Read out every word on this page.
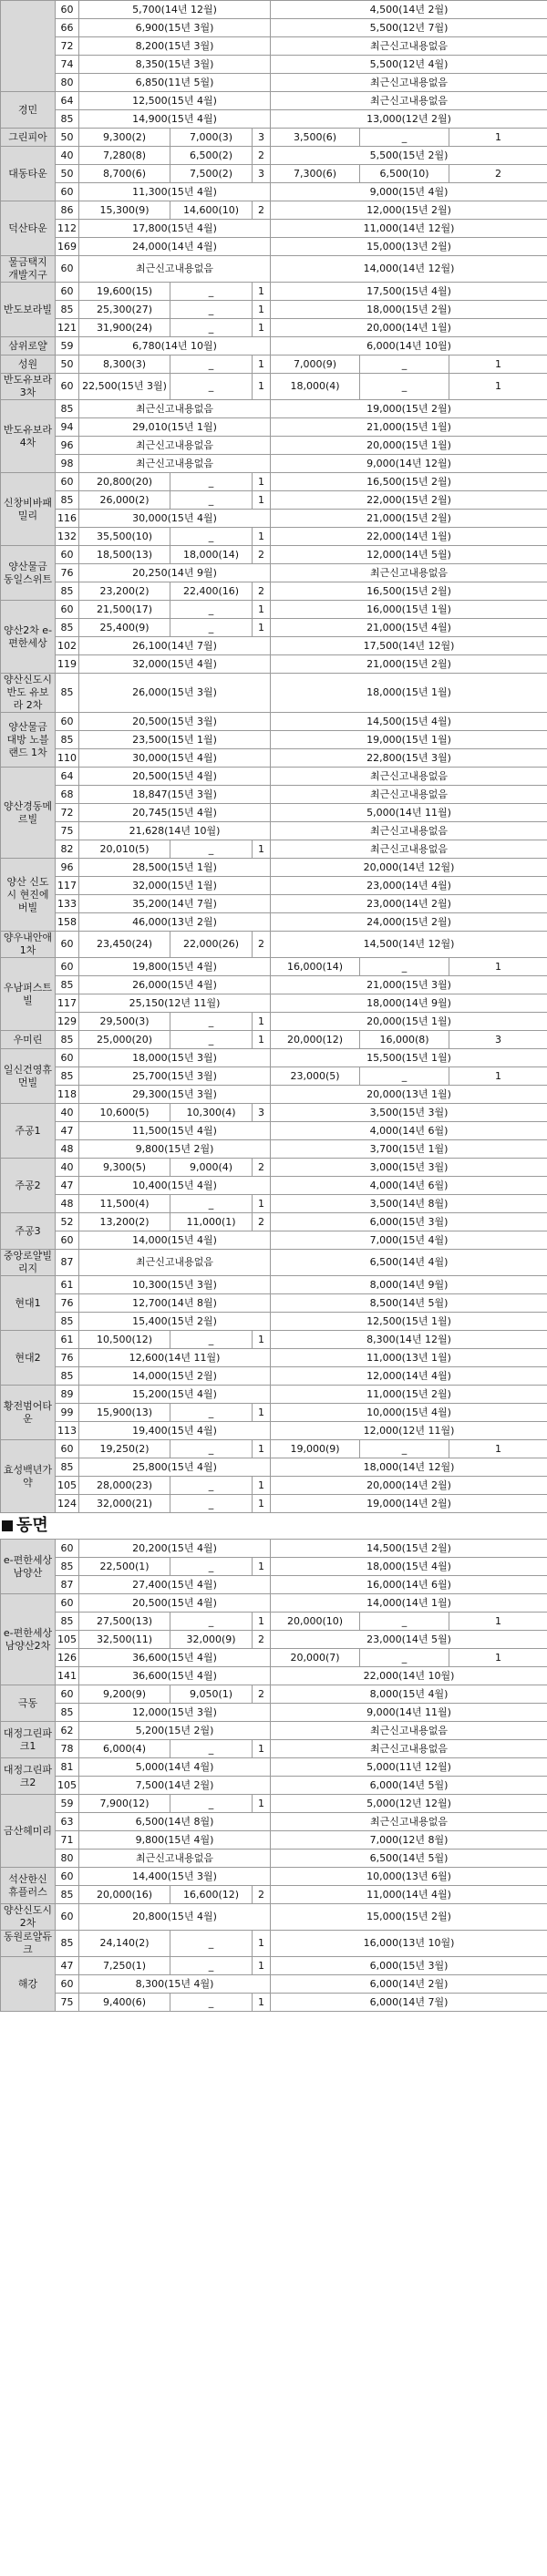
	60	5,700(14년 12월)			4,500(14년 2월)		
	66	6,900(15년 3월)			5,500(12년 7월)		
	72	8,200(15년 3월)			최근신고내용없음		
	74	8,350(15년 3월)			5,500(12년 4월)		
	80	6,850(11년 5월)			최근신고내용없음		
경민	64	12,500(15년 4월)			최근신고내용없음		
	85	14,900(15년 4월)			13,000(12년 2월)		
그린피아	50	9,300(2)	7,000(3)	3	3,500(6)	_	1
대동타운	40	7,280(8)	6,500(2)	2	5,500(15년 2월)		
	50	8,700(6)	7,500(2)	3	7,300(6)	6,500(10)	2
	60	11,300(15년 4월)			9,000(15년 4월)		
덕산타운	86	15,300(9)	14,600(10)	2	12,000(15년 2월)		
	112	17,800(15년 4월)			11,000(14년 12월)		
	169	24,000(14년 4월)			15,000(13년 2월)		
물금택지 개발지구	60	최근신고내용없음			14,000(14년 12월)		
반도보라빌	60	19,600(15)	_	1	17,500(15년 4월)		
	85	25,300(27)	_	1	18,000(15년 2월)		
	121	31,900(24)	_	1	20,000(14년 1월)		
삼위로얄	59	6,780(14년 10월)			6,000(14년 10월)		
성원	50	8,300(3)	_	1	7,000(9)	_	1
반도유보라3차	60	22,500(15년 3월)	_	1	18,000(4)	_	1
반도유보라4차	85	최근신고내용없음			19,000(15년 2월)		
	94	29,010(15년 1월)			21,000(15년 1월)		
	96	최근신고내용없음			20,000(15년 1월)		
	98	최근신고내용없음			9,000(14년 12월)		
신창비바패밀리	60	20,800(20)	_	1	16,500(15년 2월)		
	85	26,000(2)	_	1	22,000(15년 2월)		
	116	30,000(15년 4월)			21,000(15년 2월)		
	132	35,500(10)	_	1	22,000(14년 1월)		
양산물금 동일스위트	60	18,500(13)	18,000(14)	2	12,000(14년 5월)		
	76	20,250(14년 9월)			최근신고내용없음		
	85	23,200(2)	22,400(16)	2	16,500(15년 2월)		
양산2차 e-편한세상	60	21,500(17)	_	1	16,000(15년 1월)		
	85	25,400(9)	_	1	21,000(15년 4월)		
	102	26,100(14년 7월)			17,500(14년 12월)		
	119	32,000(15년 4월)			21,000(15년 2월)		
양산신도시 반도 유보라 2차	85	26,000(15년 3월)			18,000(15년 1월)		
양산물금 대방 노블랜드 1차	60	20,500(15년 3월)			14,500(15년 4월)		
	85	23,500(15년 1월)			19,000(15년 1월)		
	110	30,000(15년 4월)			22,800(15년 3월)		
양산경동메르빌	64	20,500(15년 4월)			최근신고내용없음		
	68	18,847(15년 3월)			최근신고내용없음		
	72	20,745(15년 4월)			5,000(14년 11월)		
	75	21,628(14년 10월)			최근신고내용없음		
	82	20,010(5)	_	1	최근신고내용없음		
양산 신도시 현진에버빌	96	28,500(15년 1월)			20,000(14년 12월)		
	117	32,000(15년 1월)			23,000(14년 4월)		
	133	35,200(14년 7월)			23,000(14년 2월)		
	158	46,000(13년 2월)			24,000(15년 2월)		
양우내안애 1차	60	23,450(24)	22,000(26)	2	14,500(14년 12월)		
우남퍼스트빌	60	19,800(15년 4월)			16,000(14)	_	1
	85	26,000(15년 4월)			21,000(15년 3월)		
	117	25,150(12년 11월)			18,000(14년 9월)		
	129	29,500(3)	_	1	20,000(15년 1월)		
우미린	85	25,000(20)	_	1	20,000(12)	16,000(8)	3
일신건영휴먼빌	60	18,000(15년 3월)			15,500(15년 1월)		
	85	25,700(15년 3월)			23,000(5)	_	1
	118	29,300(15년 3월)			20,000(13년 1월)		
주공1	40	10,600(5)	10,300(4)	3	3,500(15년 3월)		
	47	11,500(15년 4월)			4,000(14년 6월)		
	48	9,800(15년 2월)			3,700(15년 1월)		
주공2	40	9,300(5)	9,000(4)	2	3,000(15년 3월)		
	47	10,400(15년 4월)			4,000(14년 6월)		
	48	11,500(4)	_	1	3,500(14년 8월)		
주공3	52	13,200(2)	11,000(1)	2	6,000(15년 3월)		
	60	14,000(15년 4월)			7,000(15년 4월)		
중앙로얄빌리지	87	최근신고내용없음			6,500(14년 4월)		
현대1	61	10,300(15년 3월)			8,000(14년 9월)		
	76	12,700(14년 8월)			8,500(14년 5월)		
	85	15,400(15년 2월)			12,500(15년 1월)		
현대2	61	10,500(12)	_	1	8,300(14년 12월)		
	76	12,600(14년 11월)			11,000(13년 1월)		
	85	14,000(15년 2월)			12,000(14년 4월)		
황전범어타운	89	15,200(15년 4월)			11,000(15년 2월)		
	99	15,900(13)	_	1	10,000(15년 4월)		
	113	19,400(15년 4월)			12,000(12년 11월)		
효성백년가약	60	19,250(2)	_	1	19,000(9)	_	1
	85	25,800(15년 4월)			18,000(14년 12월)		
	105	28,000(23)	_	1	20,000(14년 2월)		
	124	32,000(21)	_	1	19,000(14년 2월)		
동면
e-편한세상 남양산	60	20,200(15년 4월)			14,500(15년 2월)		
	85	22,500(1)	_	1	18,000(15년 4월)		
	87	27,400(15년 4월)			16,000(14년 6월)		
e-편한세상 남양산2차	60	20,500(15년 4월)			14,000(14년 1월)		
	85	27,500(13)	_	1	20,000(10)	_	1
	105	32,500(11)	32,000(9)	2	23,000(14년 5월)		
	126	36,600(15년 4월)			20,000(7)	_	1
	141	36,600(15년 4월)			22,000(14년 10월)		
극동	60	9,200(9)	9,050(1)	2	8,000(15년 4월)		
	85	12,000(15년 3월)			9,000(14년 11월)		
대정그린파크1	62	5,200(15년 2월)			최근신고내용없음		
	78	6,000(4)	_	1	최근신고내용없음		
대정그린파크2	81	5,000(14년 4월)			5,000(11년 12월)		
	105	7,500(14년 2월)			6,000(14년 5월)		
금산헤미리	59	7,900(12)	_	1	5,000(12년 12월)		
	63	6,500(14년 8월)			최근신고내용없음		
	71	9,800(15년 4월)			7,000(12년 8월)		
	80	최근신고내용없음			6,500(14년 5월)		
석산한신 휴플러스	60	14,400(15년 3월)			10,000(13년 6월)		
	85	20,000(16)	16,600(12)	2	11,000(14년 4월)		
양산신도시2차	60	20,800(15년 4월)			15,000(15년 2월)		
동원로얄듀크	85	24,140(2)	_	1	16,000(13년 10월)		
해강	47	7,250(1)	_	1	6,000(15년 3월)		
	60	8,300(15년 4월)			6,000(14년 2월)		
	75	9,400(6)	_	1	6,000(14년 7월)		
